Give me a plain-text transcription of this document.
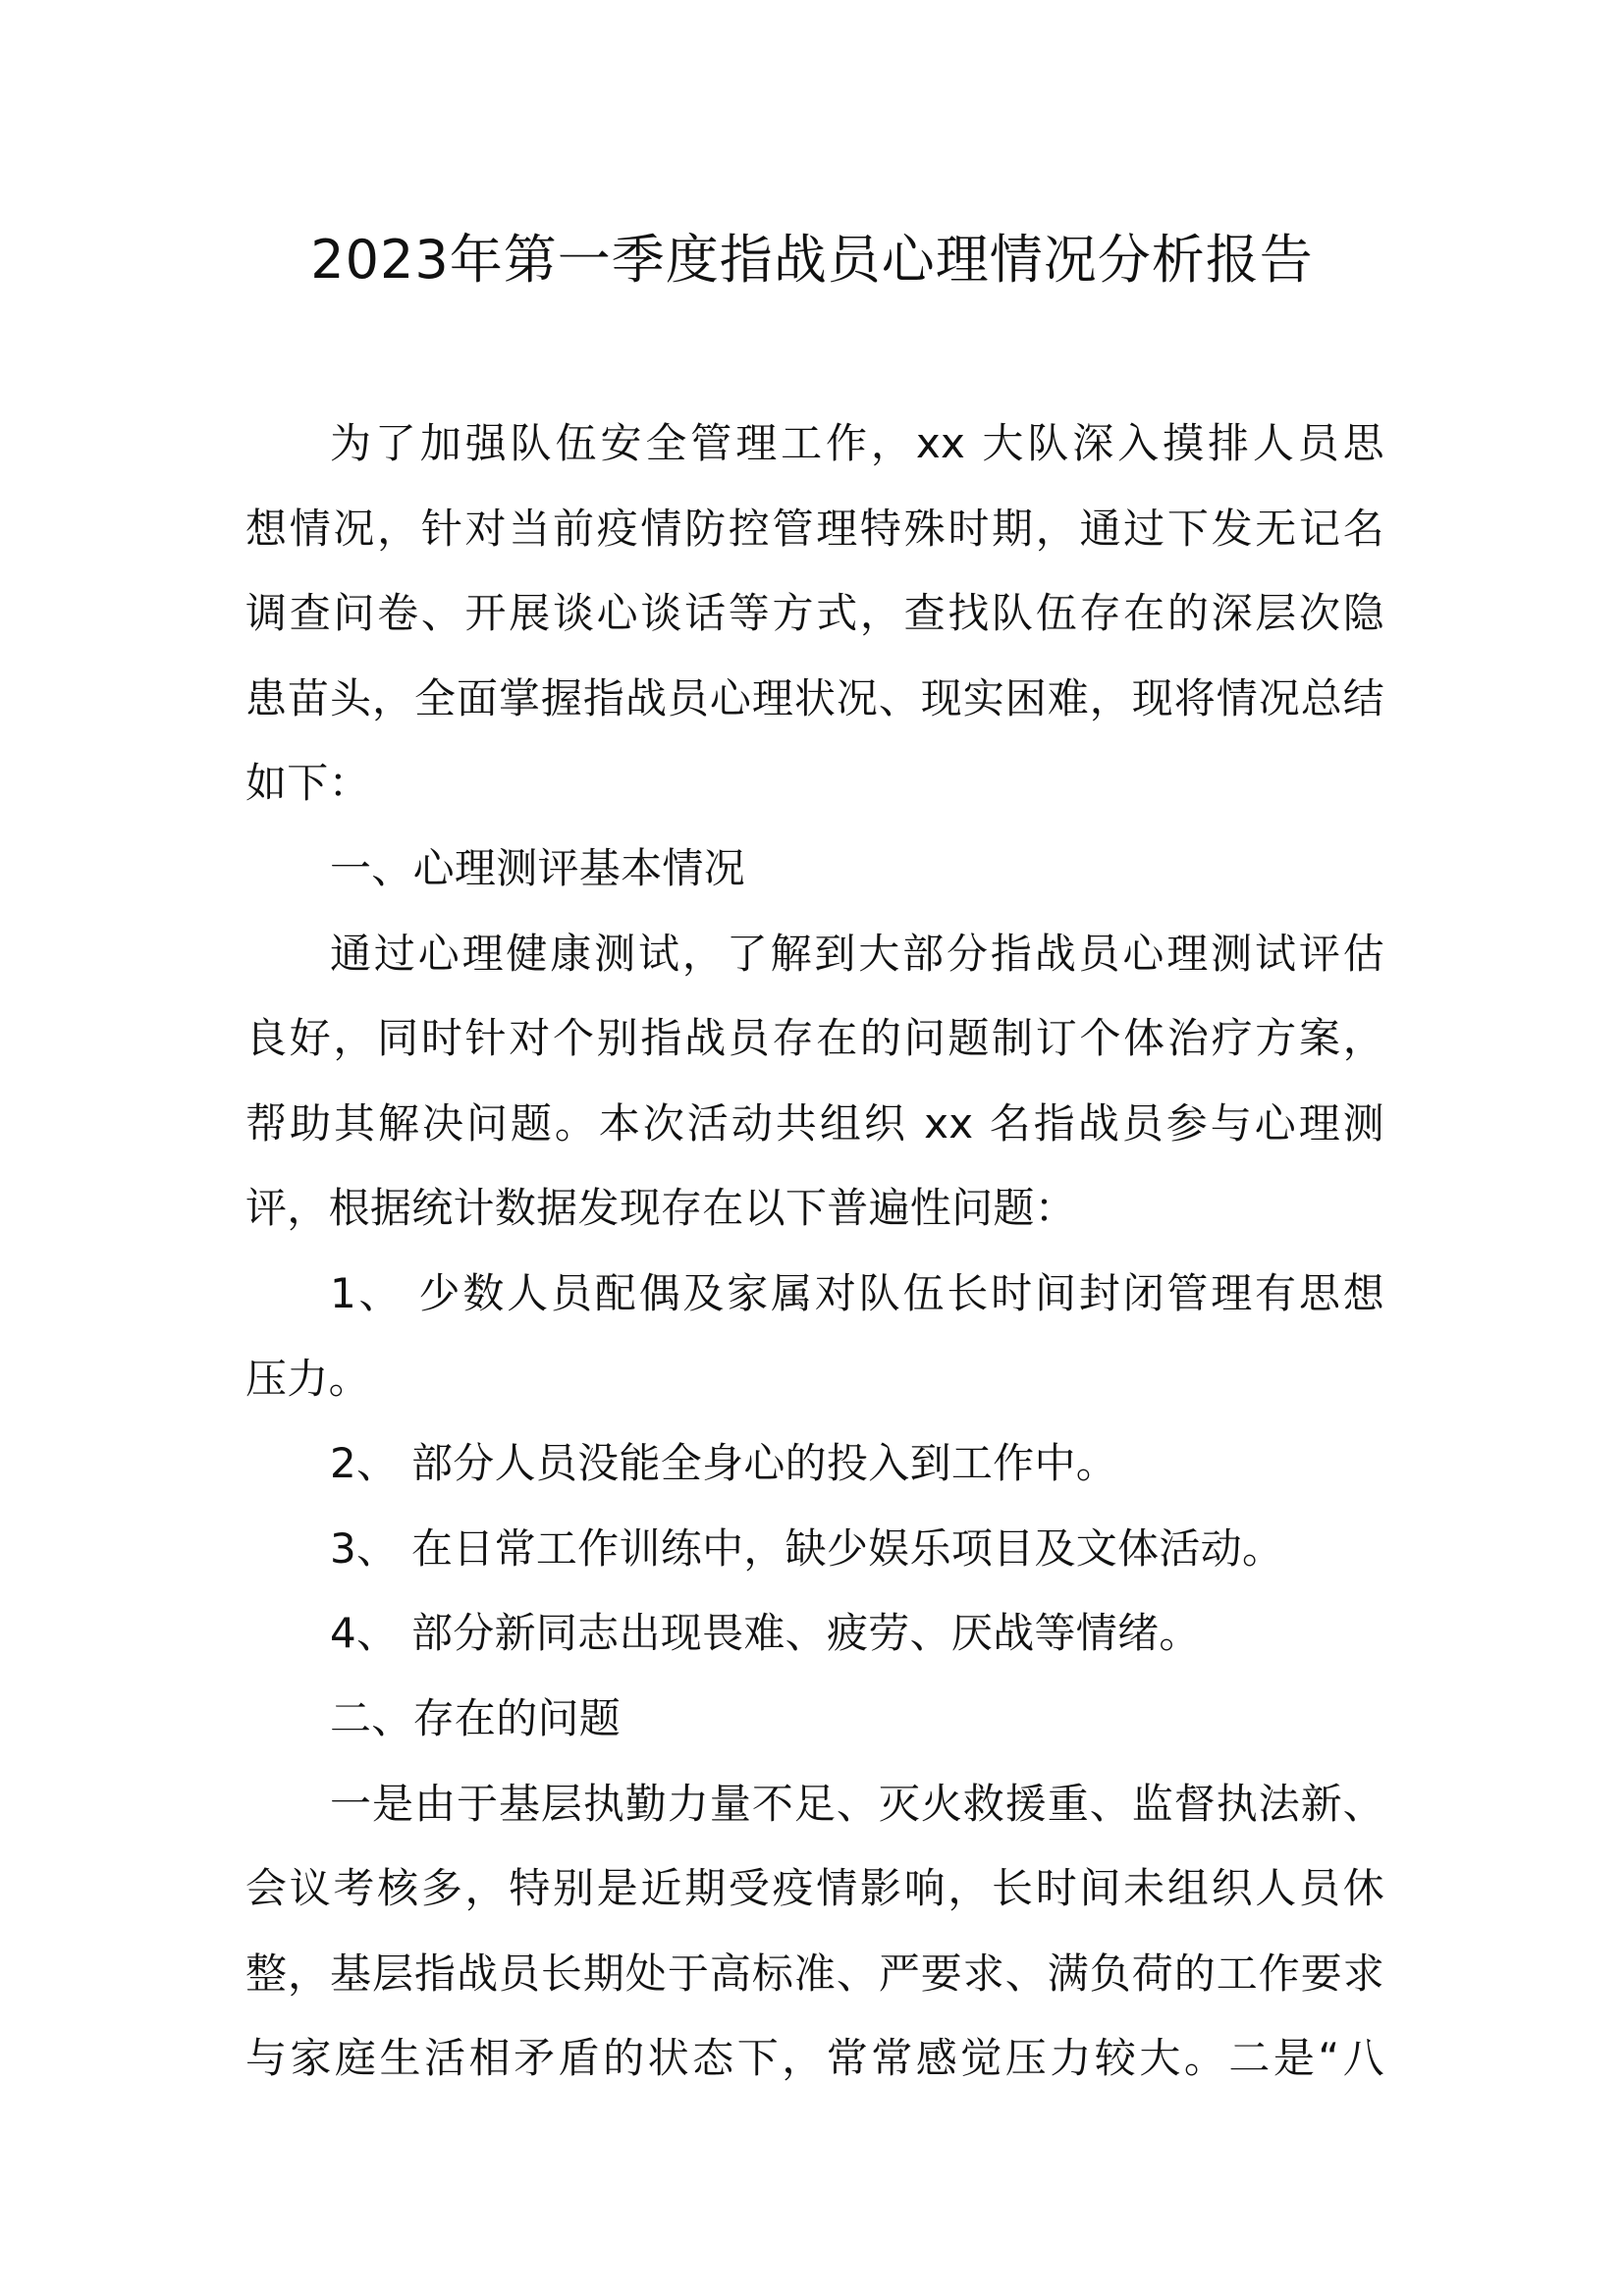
2023年第一季度指战员心理情况分析报告

为了加强队伍安全管理工作，xx 大队深入摸排人员思

想情况，针对当前疫情防控管理特殊时期，通过下发无记名

调查问卷、开展谈心谈话等方式，查找队伍存在的深层次隐

患苗头，全面掌握指战员心理状况、现实困难，现将情况总结

如下：

一、心理测评基本情况

通过心理健康测试，了解到大部分指战员心理测试评估

良好，同时针对个别指战员存在的问题制订个体治疗方案，

帮助其解决问题。本次活动共组织 xx 名指战员参与心理测

评，根据统计数据发现存在以下普遍性问题：

1、 少数人员配偶及家属对队伍长时间封闭管理有思想

压力。

2、 部分人员没能全身心的投入到工作中。

3、 在日常工作训练中，缺少娱乐项目及文体活动。

4、 部分新同志出现畏难、疲劳、厌战等情绪。

二、存在的问题

一是由于基层执勤力量不足、灭火救援重、监督执法新、

会议考核多，特别是近期受疫情影响，长时间未组织人员休

整，基层指战员长期处于高标准、严要求、满负荷的工作要求

与家庭生活相矛盾的状态下，常常感觉压力较大。二是“八
